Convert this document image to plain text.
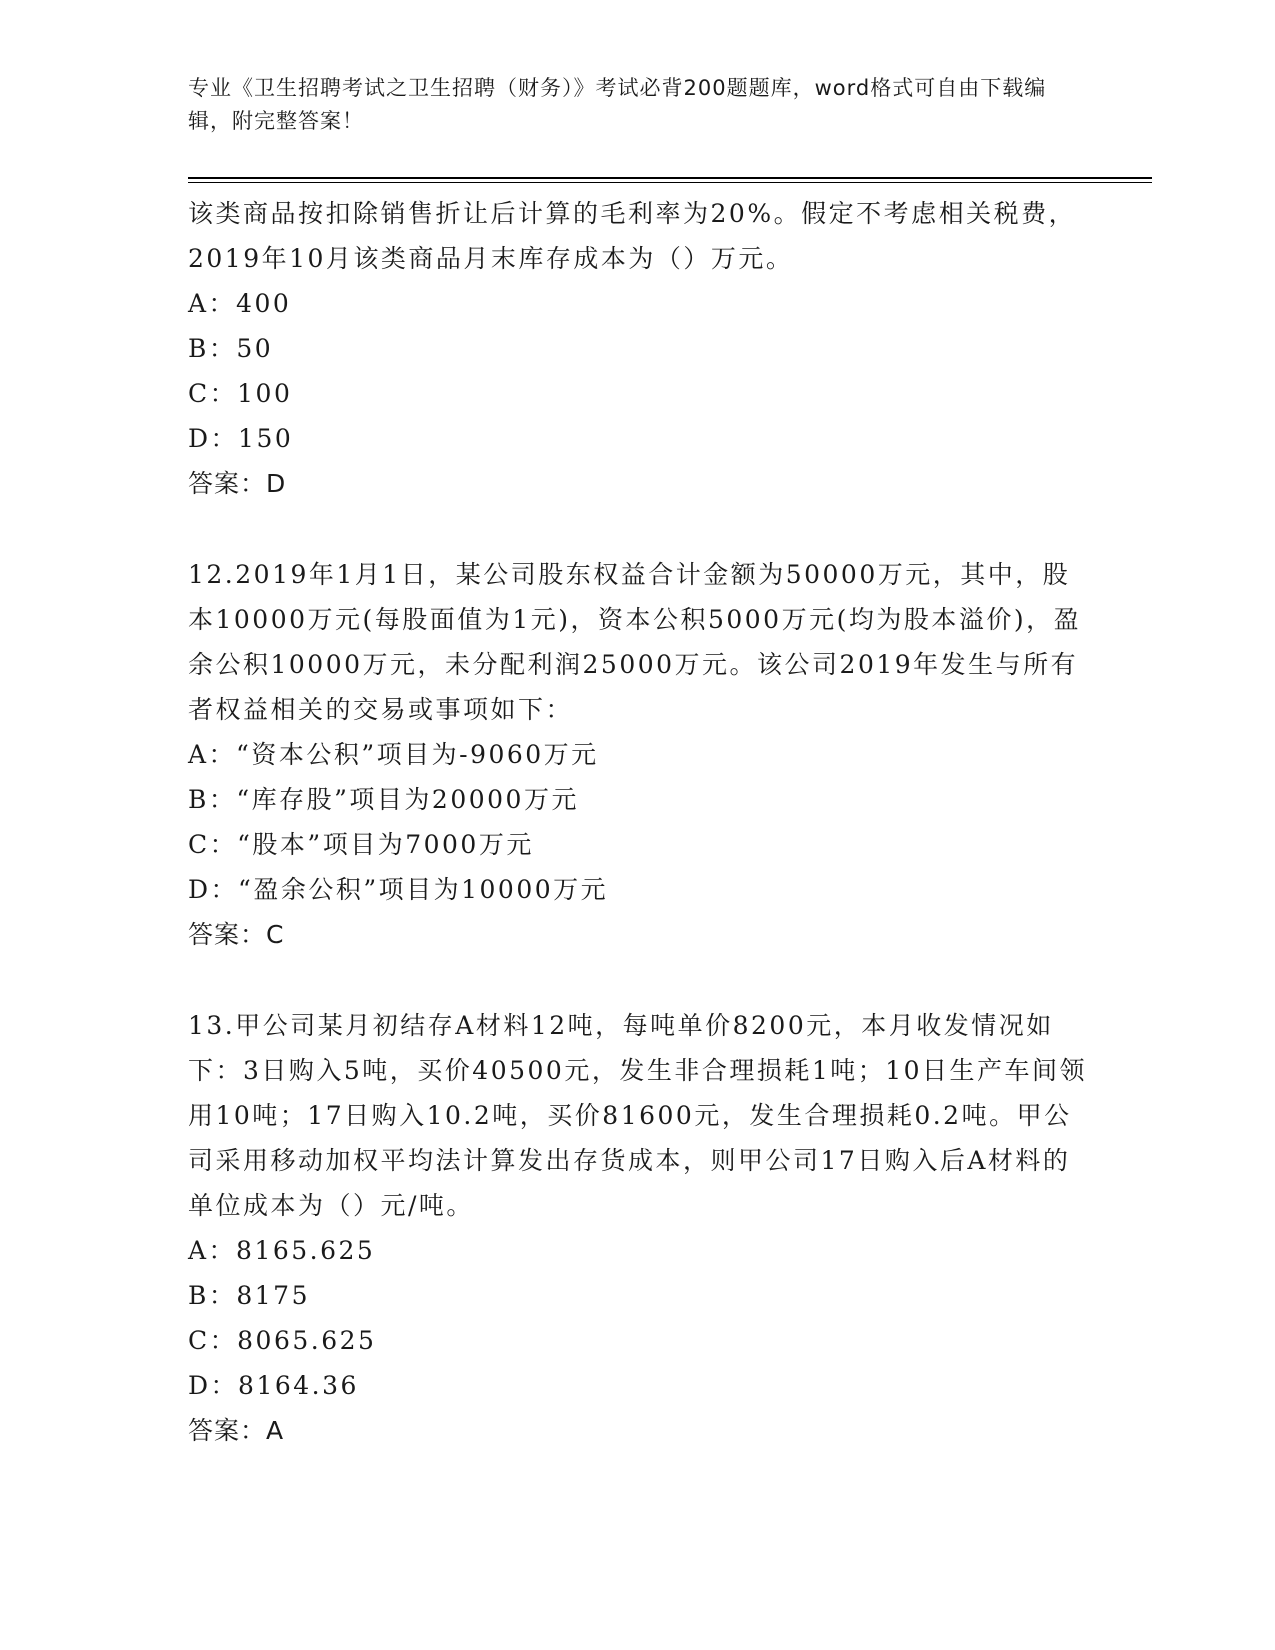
专业《卫生招聘考试之卫生招聘（财务）》考试必背200题题库，word格式可自由下载编辑，附完整答案！

该类商品按扣除销售折让后计算的毛利率为20%。假定不考虑相关税费，2019年10月该类商品月末库存成本为（）万元。

A：400

B：50

C：100

D：150

答案：D

12.2019年1月1日，某公司股东权益合计金额为50000万元，其中，股本10000万元(每股面值为1元)，资本公积5000万元(均为股本溢价)，盈余公积10000万元，未分配利润25000万元。该公司2019年发生与所有者权益相关的交易或事项如下：

A：“资本公积”项目为-9060万元

B：“库存股”项目为20000万元

C：“股本”项目为7000万元

D：“盈余公积”项目为10000万元

答案：C

13.甲公司某月初结存A材料12吨，每吨单价8200元，本月收发情况如下：3日购入5吨，买价40500元，发生非合理损耗1吨；10日生产车间领用10吨；17日购入10.2吨，买价81600元，发生合理损耗0.2吨。甲公司采用移动加权平均法计算发出存货成本，则甲公司17日购入后A材料的单位成本为（）元/吨。

A：8165.625

B：8175

C：8065.625

D：8164.36

答案：A
